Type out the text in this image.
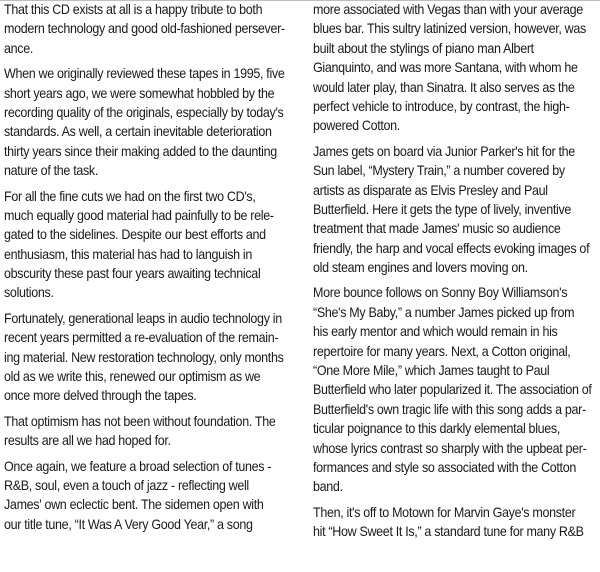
That this CD exists at all is a happy tribute to both
modern technology and good old-fashioned persever-
ance.
When we originally reviewed these tapes in 1995, five
short years ago, we were somewhat hobbled by the
recording quality of the originals, especially by today's
standards. As well, a certain inevitable deterioration
thirty years since their making added to the daunting
nature of the task.
For all the fine cuts we had on the first two CD's,
much equally good material had painfully to be rele-
gated to the sidelines. Despite our best efforts and
enthusiasm, this material has had to languish in
obscurity these past four years awaiting technical
solutions.
Fortunately, generational leaps in audio technology in
recent years permitted a re-evaluation of the remain-
ing material. New restoration technology, only months
old as we write this, renewed our optimism as we
once more delved through the tapes.
That optimism has not been without foundation. The
results are all we had hoped for.
Once again, we feature a broad selection of tunes -
R&B, soul, even a touch of jazz - reflecting well
James' own eclectic bent. The sidemen open with
our title tune, “It Was A Very Good Year,” a song
more associated with Vegas than with your average
blues bar. This sultry latinized version, however, was
built about the stylings of piano man Albert
Gianquinto, and was more Santana, with whom he
would later play, than Sinatra. It also serves as the
perfect vehicle to introduce, by contrast, the high-
powered Cotton.
James gets on board via Junior Parker's hit for the
Sun label, “Mystery Train,” a number covered by
artists as disparate as Elvis Presley and Paul
Butterfield. Here it gets the type of lively, inventive
treatment that made James' music so audience
friendly, the harp and vocal effects evoking images of
old steam engines and lovers moving on.
More bounce follows on Sonny Boy Williamson's
“She's My Baby,” a number James picked up from
his early mentor and which would remain in his
repertoire for many years. Next, a Cotton original,
“One More Mile,” which James taught to Paul
Butterfield who later popularized it. The association of
Butterfield's own tragic life with this song adds a par-
ticular poignance to this darkly elemental blues,
whose lyrics contrast so sharply with the upbeat per-
formances and style so associated with the Cotton
band.
Then, it's off to Motown for Marvin Gaye's monster
hit “How Sweet It Is,” a standard tune for many R&B
